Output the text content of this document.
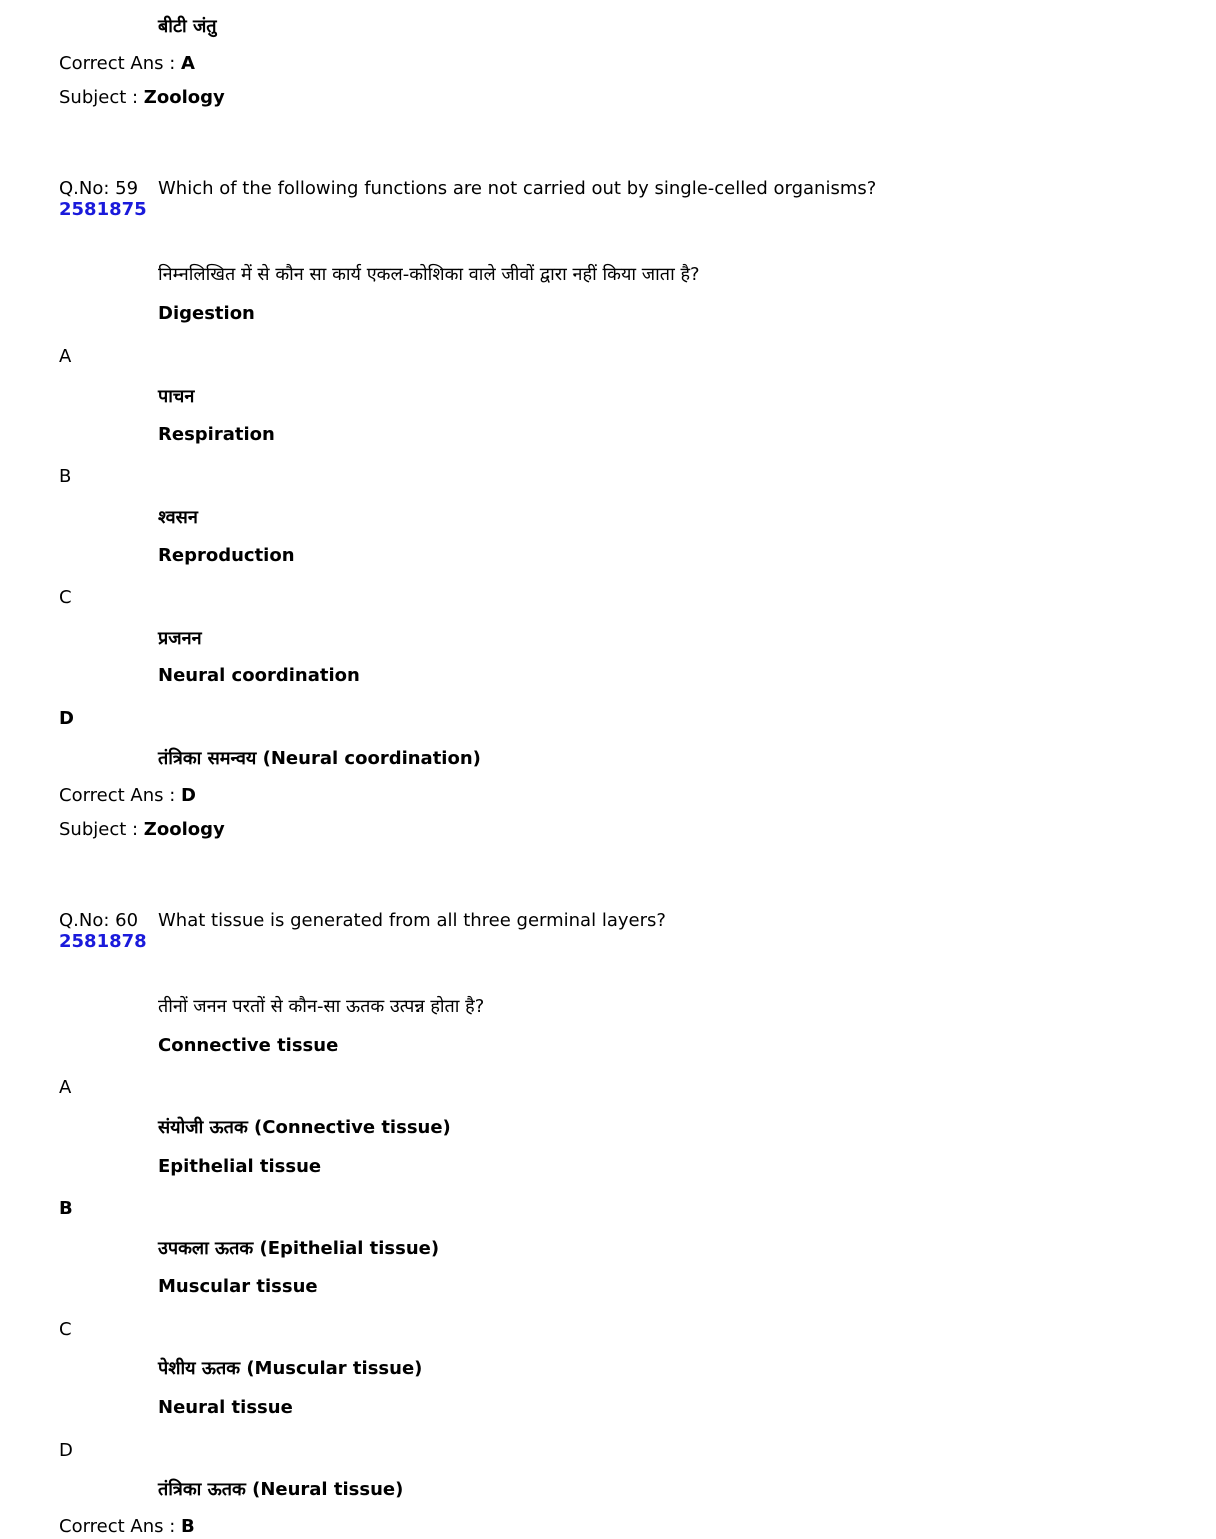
बीटी जंतु
Correct Ans : A
Subject : Zoology
Q.No: 59
2581875
Which of the following functions are not carried out by single-celled organisms?
निम्नलिखित में से कौन सा कार्य एकल-कोशिका वाले जीवों द्वारा नहीं किया जाता है?
Digestion
A
पाचन
Respiration
B
श्वसन
Reproduction
C
प्रजनन
Neural coordination
D
तंत्रिका समन्वय (Neural coordination)
Correct Ans : D
Subject : Zoology
Q.No: 60
2581878
What tissue is generated from all three germinal layers?
तीनों जनन परतों से कौन-सा ऊतक उत्पन्न होता है?
Connective tissue
A
संयोजी ऊतक (Connective tissue)
Epithelial tissue
B
उपकला ऊतक (Epithelial tissue)
Muscular tissue
C
पेशीय ऊतक (Muscular tissue)
Neural tissue
D
तंत्रिका ऊतक (Neural tissue)
Correct Ans : B
